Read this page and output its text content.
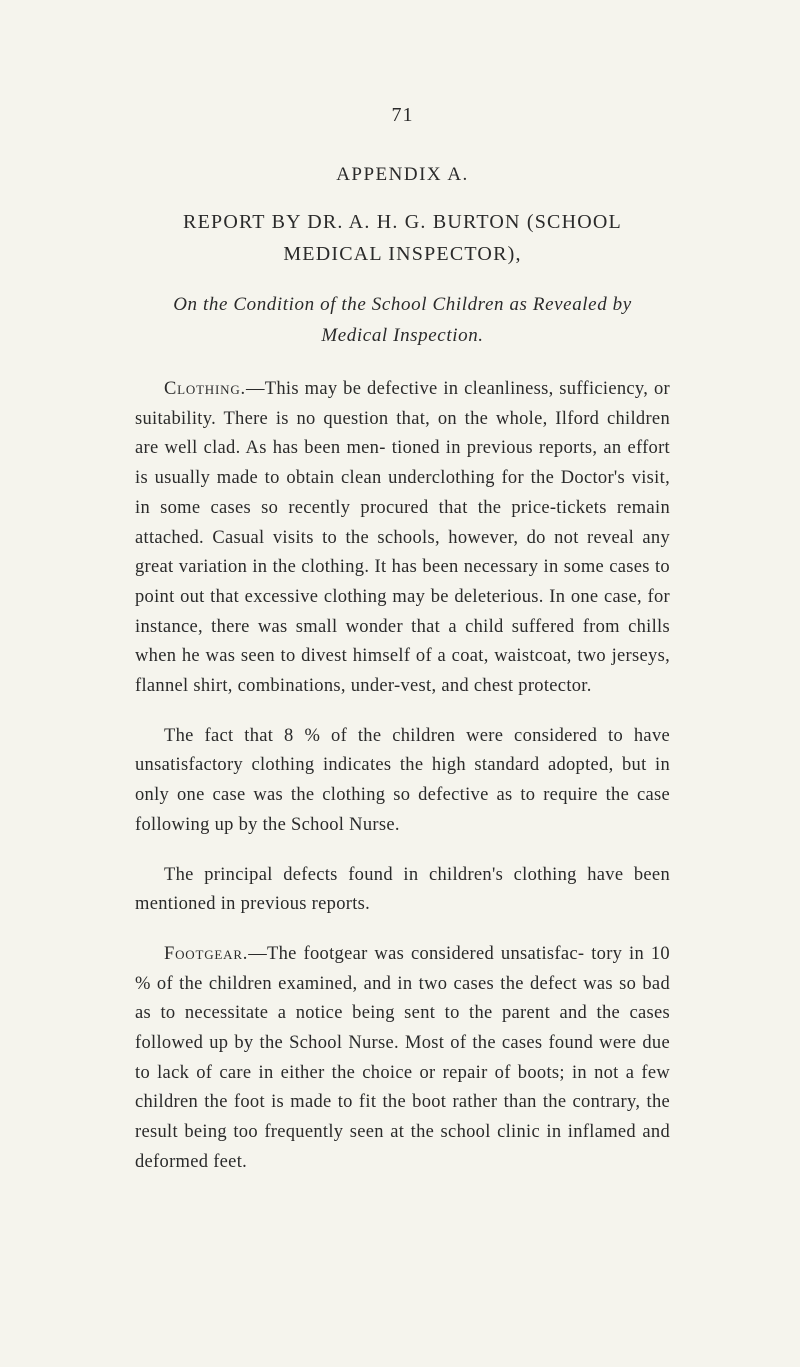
71
APPENDIX A.
REPORT BY DR. A. H. G. BURTON (SCHOOL
MEDICAL INSPECTOR),
On the Condition of the School Children as Revealed by
Medical Inspection.

Clothing.—This may be defective in cleanliness, sufficiency, or suitability. There is no question that, on the whole, Ilford children are well clad. As has been men- tioned in previous reports, an effort is usually made to obtain clean underclothing for the Doctor's visit, in some cases so recently procured that the price-tickets remain attached. Casual visits to the schools, however, do not reveal any great variation in the clothing. It has been necessary in some cases to point out that excessive clothing may be deleterious. In one case, for instance, there was small wonder that a child suffered from chills when he was seen to divest himself of a coat, waistcoat, two jerseys, flannel shirt, combinations, under-vest, and chest protector.

The fact that 8 % of the children were considered to have unsatisfactory clothing indicates the high standard adopted, but in only one case was the clothing so defective as to require the case following up by the School Nurse.

The principal defects found in children's clothing have been mentioned in previous reports.

Footgear.—The footgear was considered unsatisfac- tory in 10 % of the children examined, and in two cases the defect was so bad as to necessitate a notice being sent to the parent and the cases followed up by the School Nurse. Most of the cases found were due to lack of care in either the choice or repair of boots; in not a few children the foot is made to fit the boot rather than the contrary, the result being too frequently seen at the school clinic in inflamed and deformed feet.
